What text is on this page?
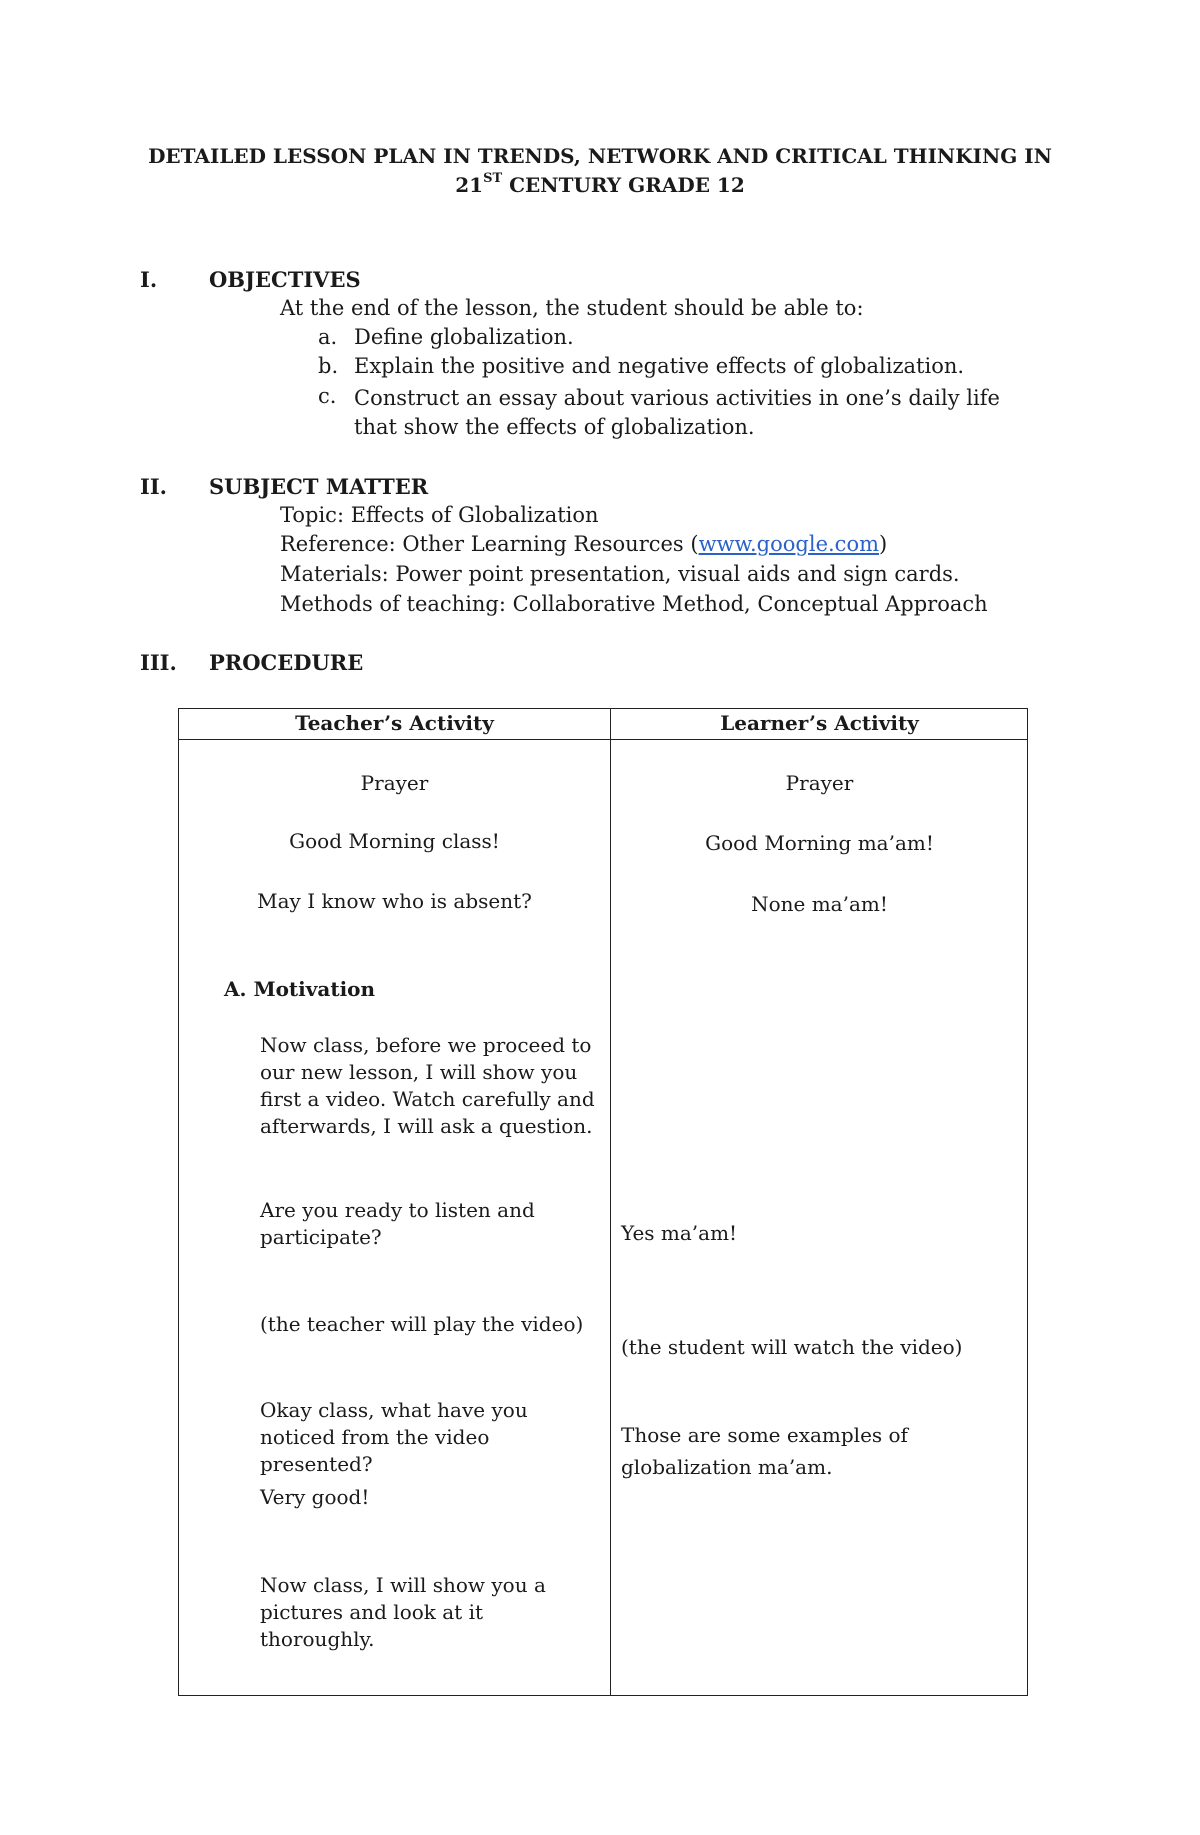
DETAILED LESSON PLAN IN TRENDS, NETWORK AND CRITICAL THINKING IN
21ST CENTURY GRADE 12
I. OBJECTIVES
At the end of the lesson, the student should be able to:
a. Define globalization.
b. Explain the positive and negative effects of globalization.
c. Construct an essay about various activities in one’s daily life that show the effects of globalization.
II. SUBJECT MATTER
Topic: Effects of Globalization
Reference: Other Learning Resources (www.google.com)
Materials: Power point presentation, visual aids and sign cards.
Methods of teaching: Collaborative Method, Conceptual Approach
III. PROCEDURE
Teacher’s Activity	Learner’s Activity
Prayer
Good Morning class!
May I know who is absent?
A. Motivation
Now class, before we proceed to our new lesson, I will show you first a video. Watch carefully and afterwards, I will ask a question.
Are you ready to listen and participate?
(the teacher will play the video)
Okay class, what have you noticed from the video presented?
Very good!
Now class, I will show you a pictures and look at it thoroughly.
Prayer
Good Morning ma’am!
None ma’am!
Yes ma’am!
(the student will watch the video)
Those are some examples of globalization ma’am.
